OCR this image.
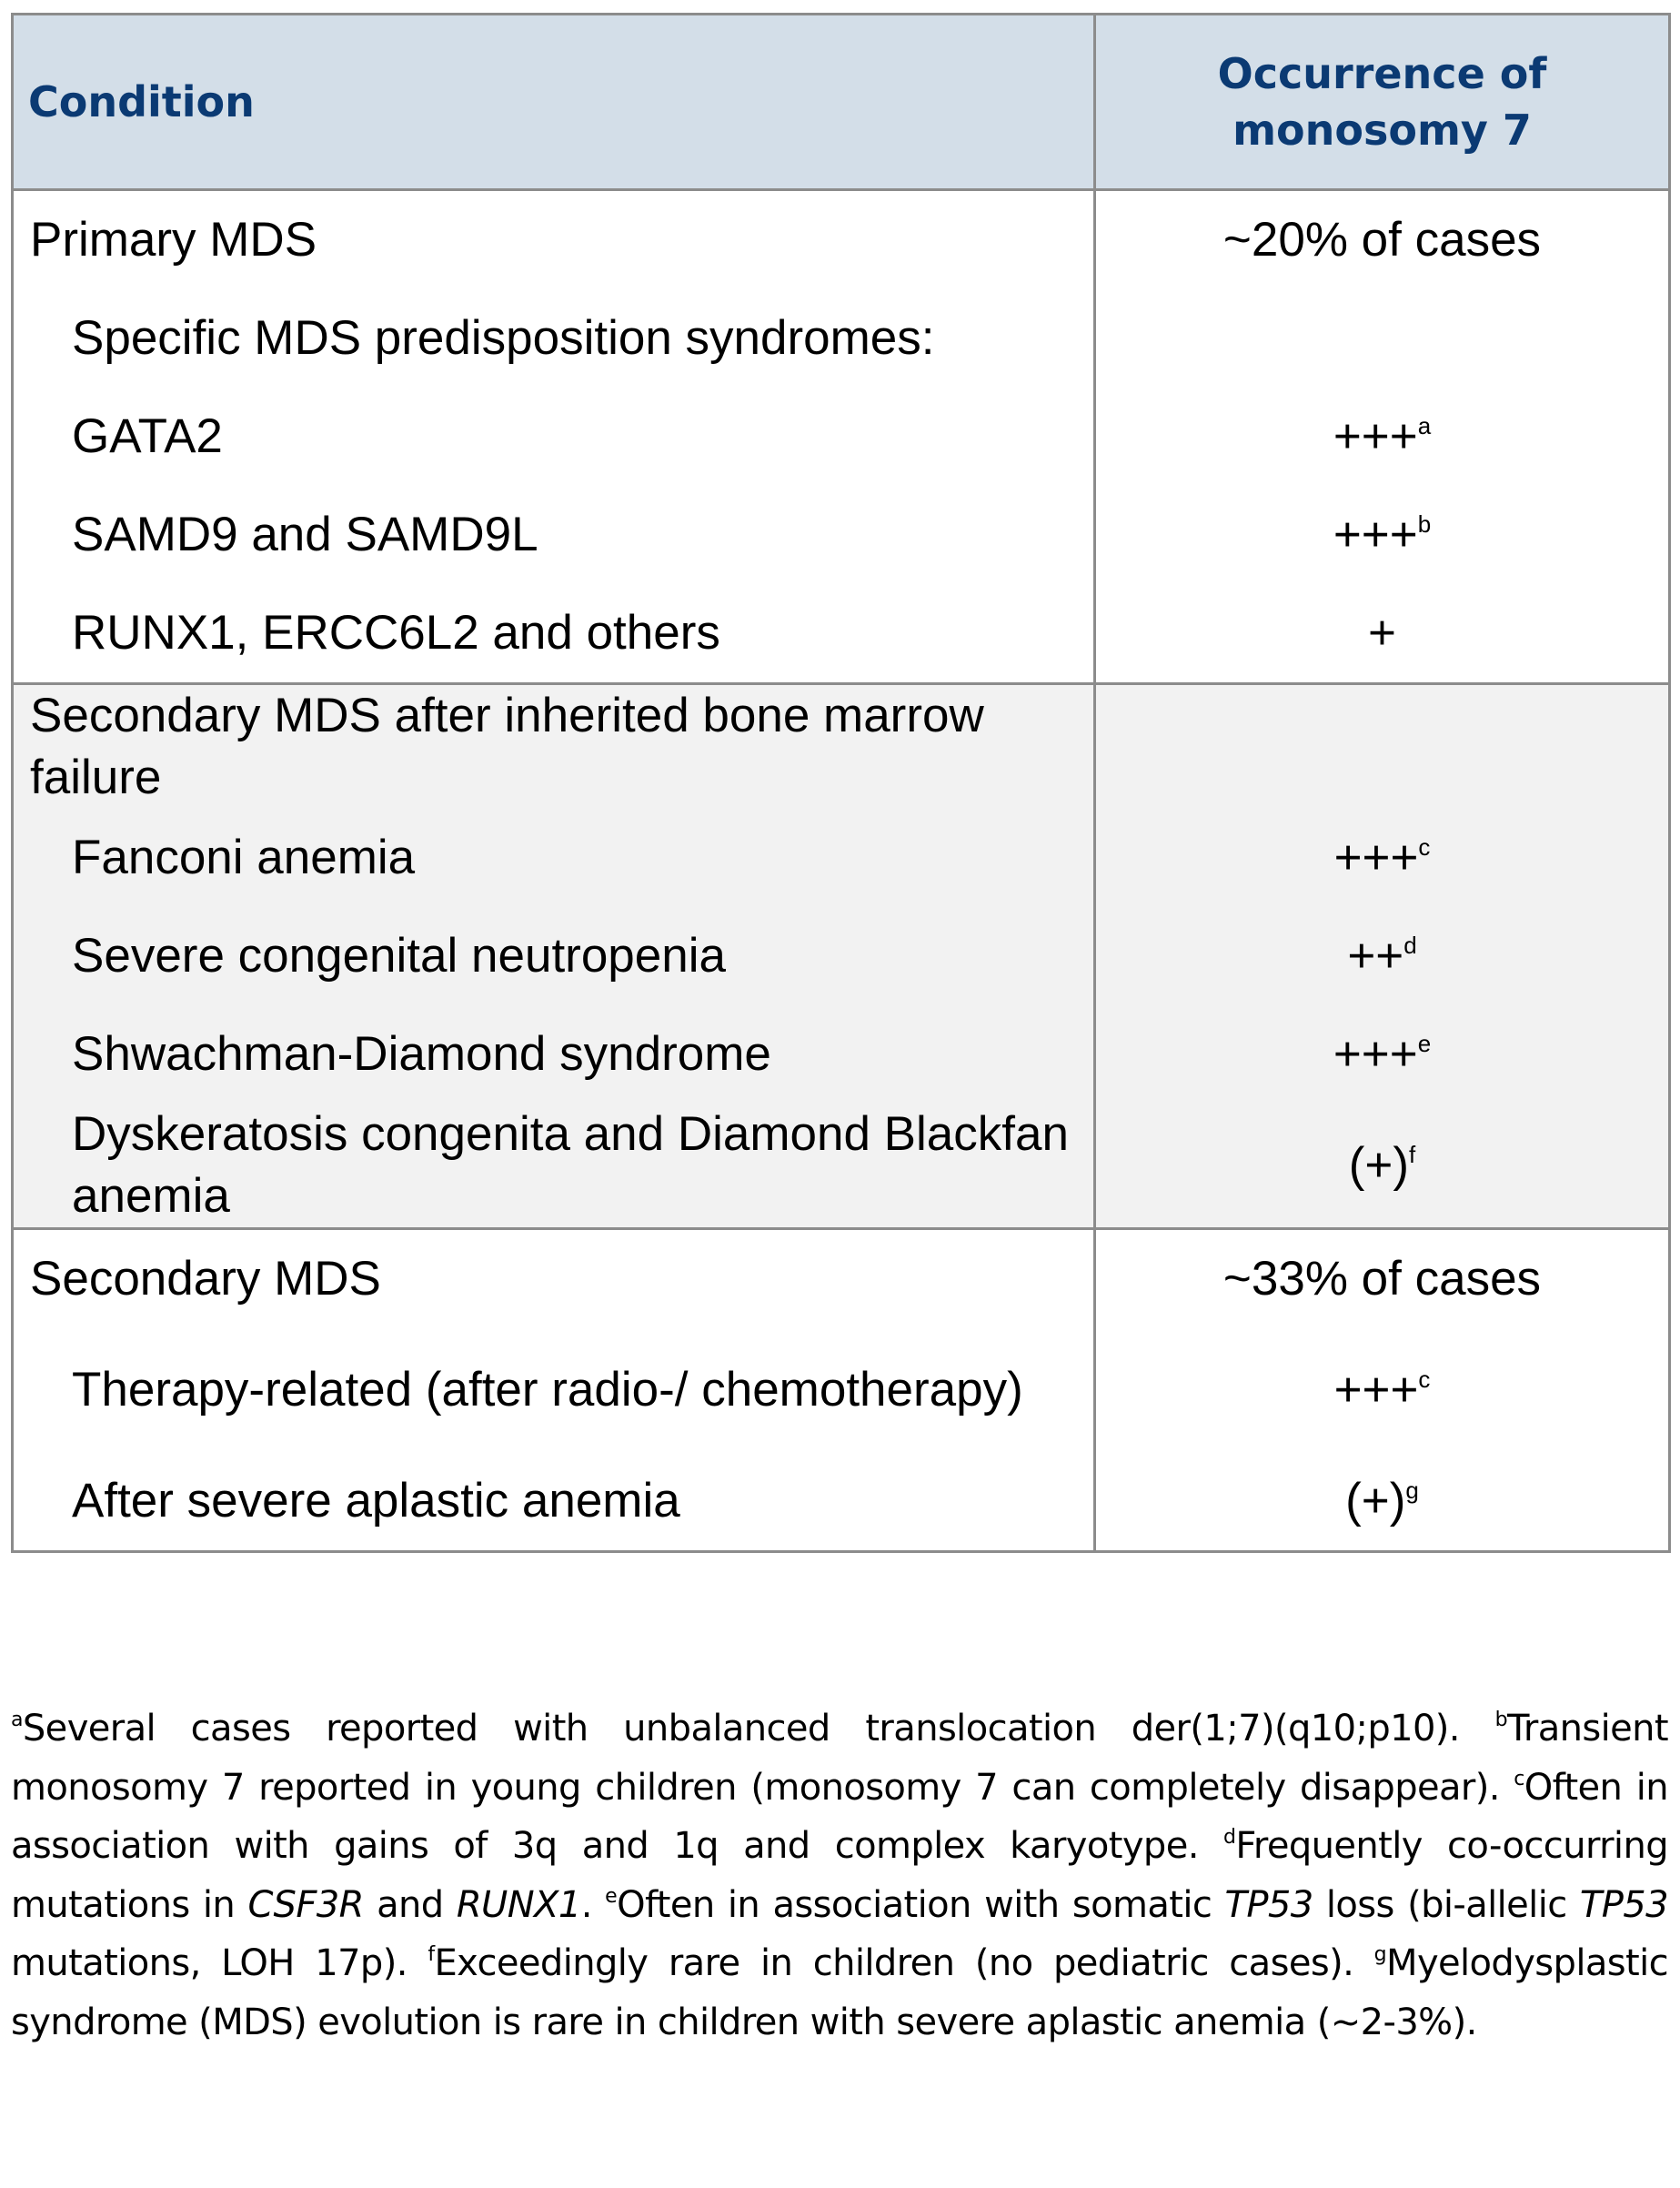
Condition	Occurrence of monosomy 7
Primary MDS	~20% of cases
Specific MDS predisposition syndromes:	
GATA2	+++$^a$
SAMD9 and SAMD9L	+++$^b$
RUNX1, ERCC6L2 and others	+
Secondary MDS after inherited bone marrow failure	
Fanconi anemia	+++$^c$
Severe congenital neutropenia	++$^d$
Shwachman-Diamond syndrome	+++$^e$
Dyskeratosis congenita and Diamond Blackfan anemia	$(+)^f$
Secondary MDS	~33% of cases
Therapy-related (after radio-/ chemotherapy)	+++$^c$
After severe aplastic anemia	$(+)^g$
$^a$Several cases reported with unbalanced translocation der(1;7)(q10;p10). $^b$Transient monosomy 7 reported in young children (monosomy 7 can completely disappear). $^c$Often in association with gains of 3q and 1q and complex karyotype. $^d$Frequently co-occurring mutations in CSF3R and RUNX1. $^e$Often in association with somatic TP53 loss (bi-allelic TP53 mutations, LOH 17p). $^f$Exceedingly rare in children (no pediatric cases). $^g$Myelodysplastic syndrome (MDS) evolution is rare in children with severe aplastic anemia (~2-3%).
